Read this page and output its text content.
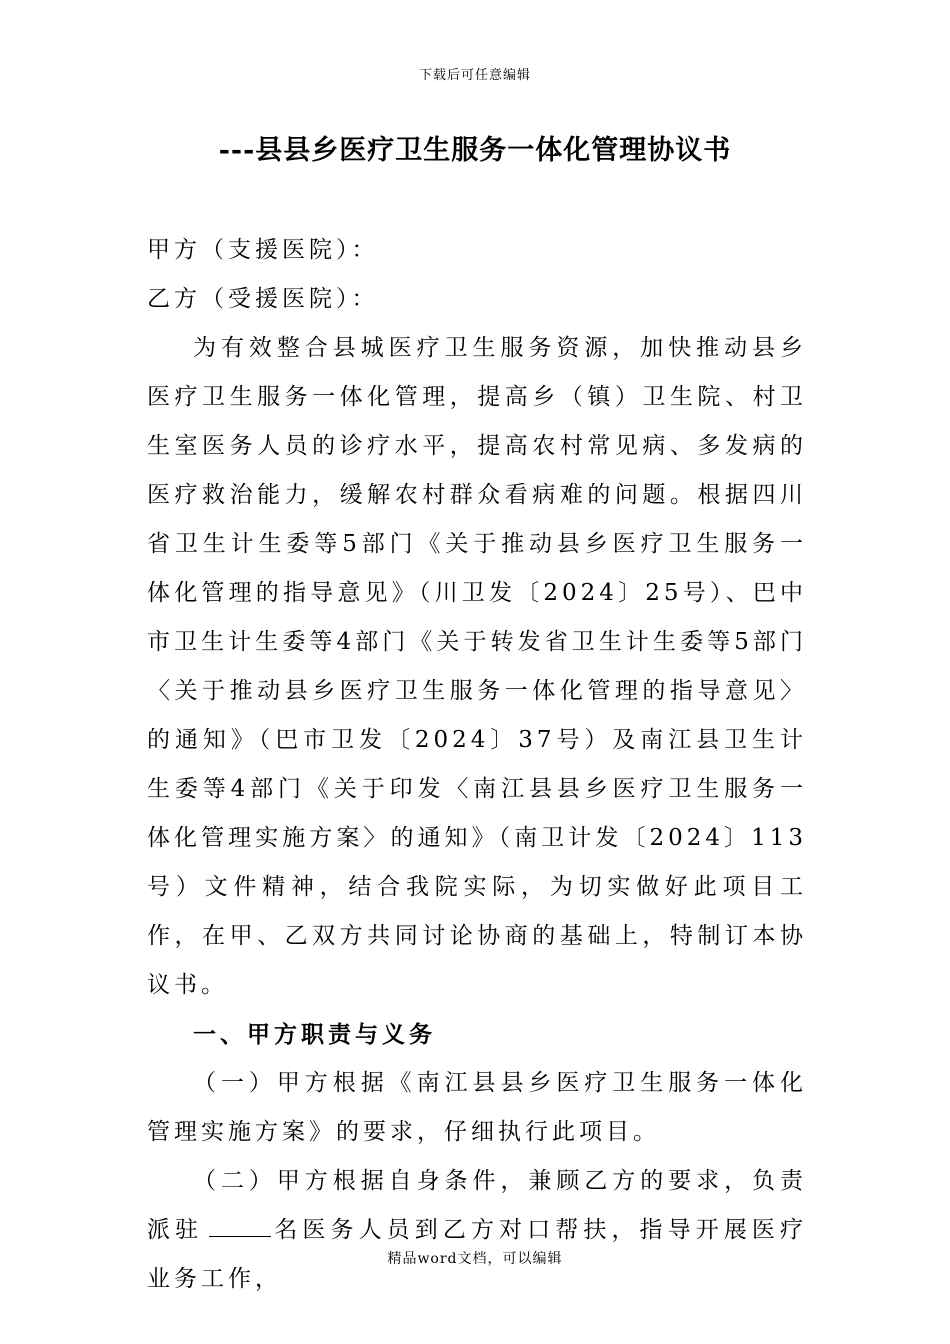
下载后可任意编辑
---县县乡医疗卫生服务一体化管理协议书

甲方（支援医院）：

乙方（受援医院）：

为有效整合县城医疗卫生服务资源，加快推动县乡医疗卫生服务一体化管理，提高乡（镇）卫生院、村卫生室医务人员的诊疗水平，提高农村常见病、多发病的医疗救治能力，缓解农村群众看病难的问题。根据四川省卫生计生委等5部门《关于推动县乡医疗卫生服务一体化管理的指导意见》（川卫发〔2024〕25号）、巴中市卫生计生委等4部门《关于转发省卫生计生委等5部门〈关于推动县乡医疗卫生服务一体化管理的指导意见〉的通知》（巴市卫发〔2024〕37号）及南江县卫生计生委等4部门《关于印发〈南江县县乡医疗卫生服务一体化管理实施方案〉的通知》（南卫计发〔2024〕113号）文件精神，结合我院实际，为切实做好此项目工作，在甲、乙双方共同讨论协商的基础上，特制订本协议书。

一、甲方职责与义务

（一）甲方根据《南江县县乡医疗卫生服务一体化管理实施方案》的要求，仔细执行此项目。

（二）甲方根据自身条件，兼顾乙方的要求，负责派驻	名医务人员到乙方对口帮扶，指导开展医疗业务工作，

精品word文档，可以编辑
